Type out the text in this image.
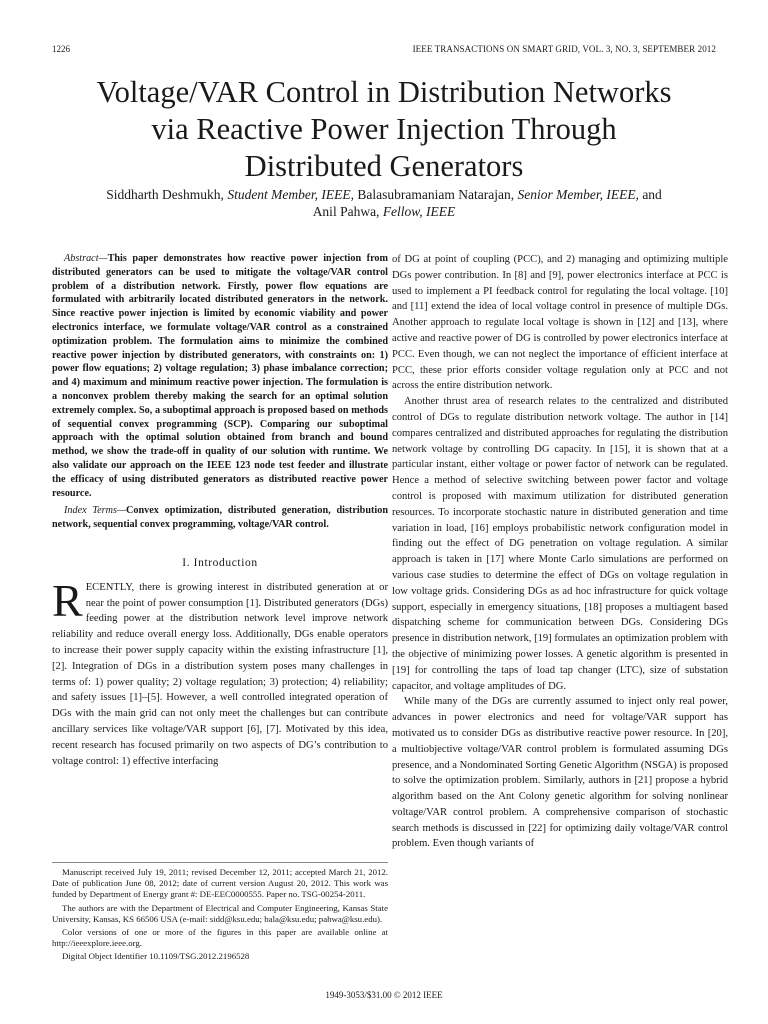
1226	IEEE TRANSACTIONS ON SMART GRID, VOL. 3, NO. 3, SEPTEMBER 2012
Voltage/VAR Control in Distribution Networks
via Reactive Power Injection Through
Distributed Generators
Siddharth Deshmukh, Student Member, IEEE, Balasubramaniam Natarajan, Senior Member, IEEE, and
Anil Pahwa, Fellow, IEEE

Abstract—This paper demonstrates how reactive power injection from distributed generators can be used to mitigate the voltage/VAR control problem of a distribution network. Firstly, power flow equations are formulated with arbitrarily located distributed generators in the network. Since reactive power injection is limited by economic viability and power electronics interface, we formulate voltage/VAR control as a constrained optimization problem. The formulation aims to minimize the combined reactive power injection by distributed generators, with constraints on: 1) power flow equations; 2) voltage regulation; 3) phase imbalance correction; and 4) maximum and minimum reactive power injection. The formulation is a nonconvex problem thereby making the search for an optimal solution extremely complex. So, a suboptimal approach is proposed based on methods of sequential convex programming (SCP). Comparing our suboptimal approach with the optimal solution obtained from branch and bound method, we show the trade-off in quality of our solution with runtime. We also validate our approach on the IEEE 123 node test feeder and illustrate the efficacy of using distributed generators as distributed reactive power resource.

Index Terms—Convex optimization, distributed generation, distribution network, sequential convex programming, voltage/VAR control.

I. Introduction

RECENTLY, there is growing interest in distributed generation at or near the point of power consumption [1]. Distributed generators (DGs) feeding power at the distribution network level improve network reliability and reduce overall energy loss. Additionally, DGs enable operators to increase their power supply capacity within the existing infrastructure [1], [2]. Integration of DGs in a distribution system poses many challenges in terms of: 1) power quality; 2) voltage regulation; 3) protection; 4) reliability; and safety issues [1]–[5]. However, a well controlled integrated operation of DGs with the main grid can not only meet the challenges but can contribute ancillary services like voltage/VAR support [6], [7]. Motivated by this idea, recent research has focused primarily on two aspects of DG’s contribution to voltage control: 1) effective interfacing

Manuscript received July 19, 2011; revised December 12, 2011; accepted March 21, 2012. Date of publication June 08, 2012; date of current version August 20, 2012. This work was funded by Department of Energy grant #: DE-EEC0000555. Paper no. TSG-00254-2011.

The authors are with the Department of Electrical and Computer Engineering, Kansas State University, Kansas, KS 66506 USA (e-mail: sidd@ksu.edu; bala@ksu.edu; pahwa@ksu.edu).

Color versions of one or more of the figures in this paper are available online at http://ieeexplore.ieee.org.

Digital Object Identifier 10.1109/TSG.2012.2196528

of DG at point of coupling (PCC), and 2) managing and optimizing multiple DGs power contribution. In [8] and [9], power electronics interface at PCC is used to implement a PI feedback control for regulating the local voltage. [10] and [11] extend the idea of local voltage control in presence of multiple DGs. Another approach to regulate local voltage is shown in [12] and [13], where active and reactive power of DG is controlled by power electronics interface at PCC. Even though, we can not neglect the importance of efficient interface at PCC, these prior efforts consider voltage regulation only at PCC and not across the entire distribution network.

Another thrust area of research relates to the centralized and distributed control of DGs to regulate distribution network voltage. The author in [14] compares centralized and distributed approaches for regulating the distribution network voltage by controlling DG capacity. In [15], it is shown that at a particular instant, either voltage or power factor of network can be regulated. Hence a method of selective switching between power factor and voltage control is proposed with maximum utilization for distributed generation resources. To incorporate stochastic nature in distributed generation and time variation in load, [16] employs probabilistic network configuration model in finding out the effect of DG penetration on voltage regulation. A similar approach is taken in [17] where Monte Carlo simulations are performed on various case studies to determine the effect of DGs on voltage regulation in low voltage grids. Considering DGs as ad hoc infrastructure for quick voltage support, especially in emergency situations, [18] proposes a multiagent based dispatching scheme for communication between DGs. Considering DGs presence in distribution network, [19] formulates an optimization problem with the objective of minimizing power losses. A genetic algorithm is presented in [19] for controlling the taps of load tap changer (LTC), size of substation capacitor, and voltage amplitudes of DG.

While many of the DGs are currently assumed to inject only real power, advances in power electronics and need for voltage/VAR support has motivated us to consider DGs as distributive reactive power resource. In [20], a multiobjective voltage/VAR control problem is formulated assuming DGs presence, and a Nondominated Sorting Genetic Algorithm (NSGA) is proposed to solve the optimization problem. Similarly, authors in [21] propose a hybrid algorithm based on the Ant Colony genetic algorithm for solving nonlinear voltage/VAR control problem. A comprehensive comparison of stochastic search methods is discussed in [22] for optimizing daily voltage/VAR control problem. Even though variants of

1949-3053/$31.00 © 2012 IEEE
